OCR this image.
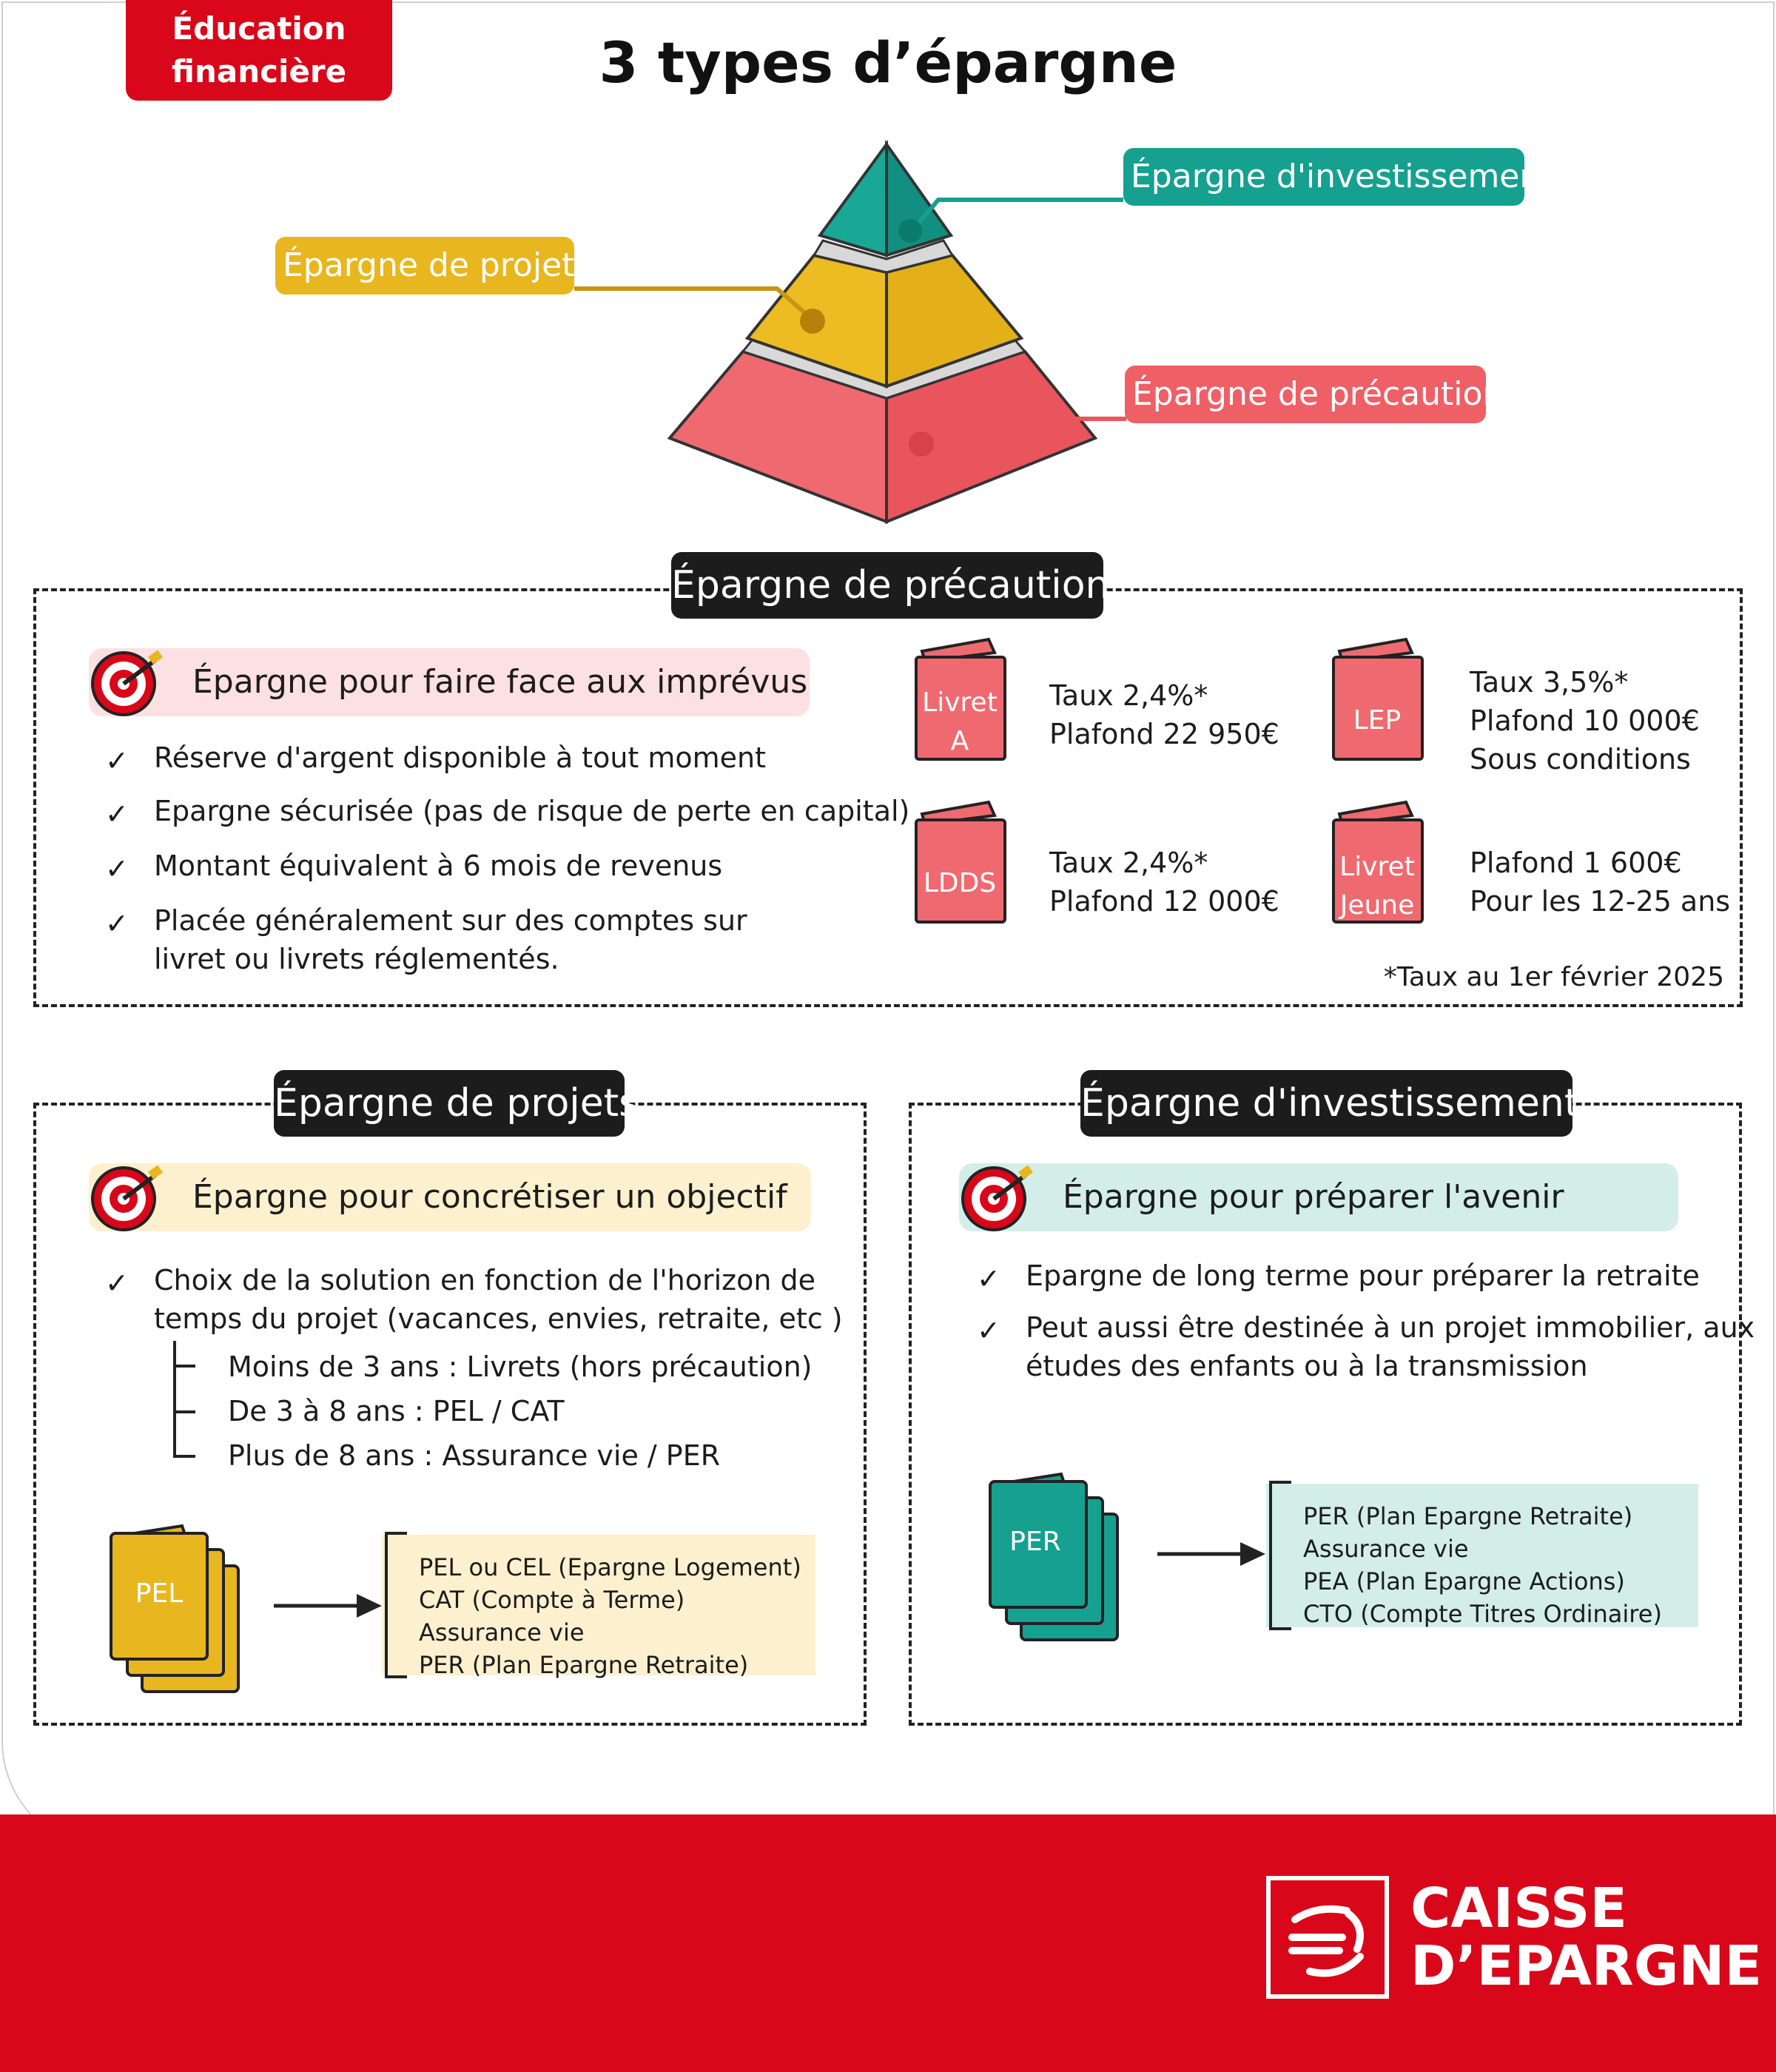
Éducation
financière	3 types d’épargne
Épargne d'investissement
Épargne de projets
Épargne de précaution
Épargne de précaution
Épargne pour faire face aux imprévus
✓ Réserve d'argent disponible à tout moment
✓ Epargne sécurisée (pas de risque de perte en capital)
✓ Montant équivalent à 6 mois de revenus
✓ Placée généralement sur des comptes sur
livret ou livrets réglementés.
Livret
A
Taux 2,4%*
Plafond 22 950€	LEP
Taux 3,5%*
Plafond 10 000€
Sous conditions
LDDS
Taux 2,4%*
Plafond 12 000€
Livret
Jeune
Plafond 1 600€
Pour les 12-25 ans
*Taux au 1er février 2025
Épargne de projets
Épargne pour concrétiser un objectif
✓ Choix de la solution en fonction de l'horizon de
temps du projet (vacances, envies, retraite, etc )
Moins de 3 ans : Livrets (hors précaution)
De 3 à 8 ans : PEL / CAT
Plus de 8 ans : Assurance vie / PER
PEL
PEL ou CEL (Epargne Logement)
CAT (Compte à Terme)
Assurance vie
PER (Plan Epargne Retraite)
Épargne d'investissement
Épargne pour préparer l'avenir
✓ Epargne de long terme pour préparer la retraite
✓ Peut aussi être destinée à un projet immobilier, aux
études des enfants ou à la transmission
PER
PER (Plan Epargne Retraite)
Assurance vie
PEA (Plan Epargne Actions)
CTO (Compte Titres Ordinaire)
CAISSE
D’EPARGNE
